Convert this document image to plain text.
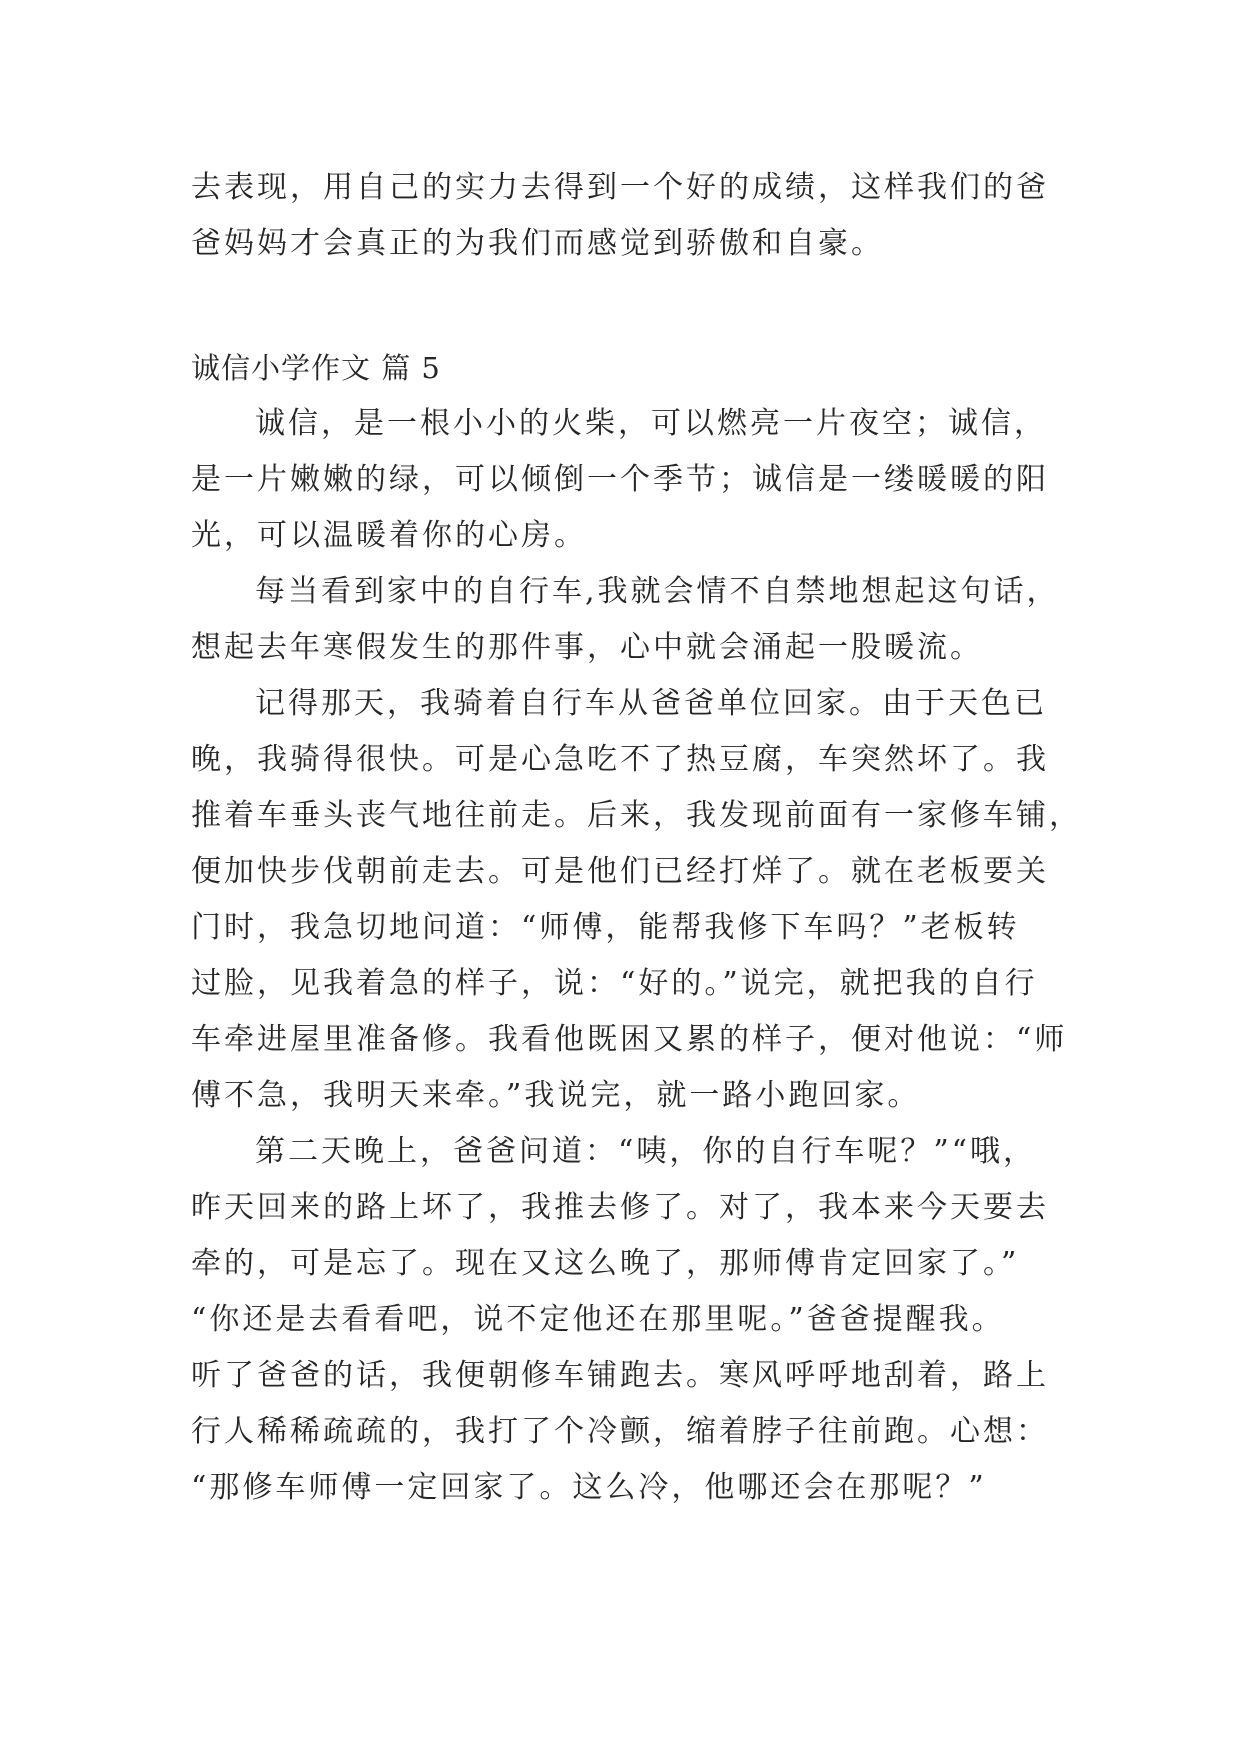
去表现，用自己的实力去得到一个好的成绩，这样我们的爸
爸妈妈才会真正的为我们而感觉到骄傲和自豪。
诚信小学作文 篇 5
诚信，是一根小小的火柴，可以燃亮一片夜空；诚信，
是一片嫩嫩的绿，可以倾倒一个季节；诚信是一缕暖暖的阳
光，可以温暖着你的心房。
每当看到家中的自行车,我就会情不自禁地想起这句话，
想起去年寒假发生的那件事，心中就会涌起一股暖流。
记得那天，我骑着自行车从爸爸单位回家。由于天色已
晚，我骑得很快。可是心急吃不了热豆腐，车突然坏了。我
推着车垂头丧气地往前走。后来，我发现前面有一家修车铺，
便加快步伐朝前走去。可是他们已经打烊了。就在老板要关
门时，我急切地问道：“师傅，能帮我修下车吗？”老板转
过脸，见我着急的样子，说：“好的。”说完，就把我的自行
车牵进屋里准备修。我看他既困又累的样子，便对他说：“师
傅不急，我明天来牵。”我说完，就一路小跑回家。
第二天晚上，爸爸问道：“咦，你的自行车呢？”“哦，
昨天回来的路上坏了，我推去修了。对了，我本来今天要去
牵的，可是忘了。现在又这么晚了，那师傅肯定回家了。”
“你还是去看看吧，说不定他还在那里呢。”爸爸提醒我。
听了爸爸的话，我便朝修车铺跑去。寒风呼呼地刮着，路上
行人稀稀疏疏的，我打了个冷颤，缩着脖子往前跑。心想：
“那修车师傅一定回家了。这么冷，他哪还会在那呢？”
